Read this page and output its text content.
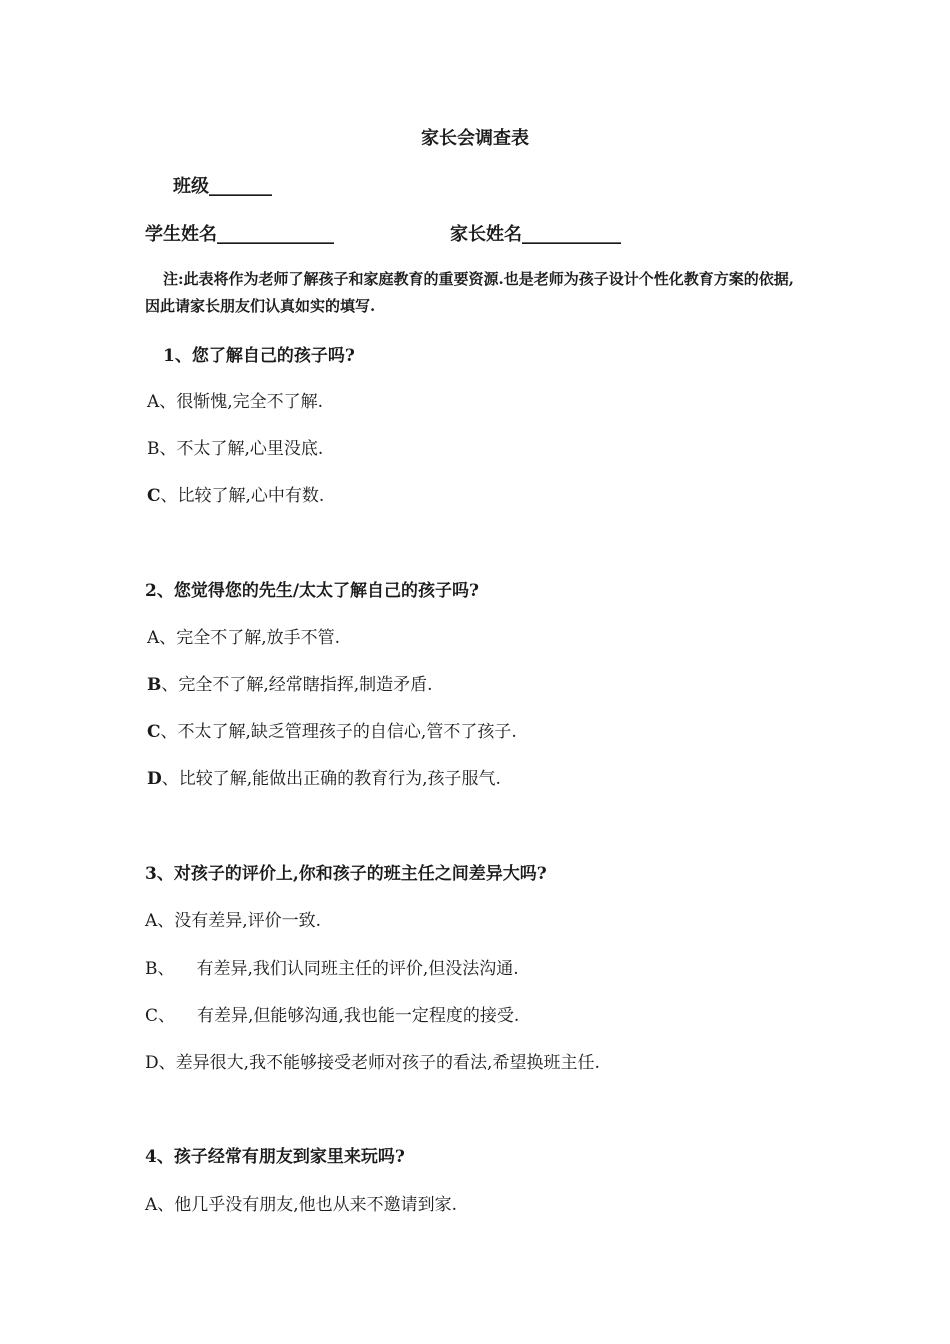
家长会调查表
班级_______
学生姓名_____________	家长姓名___________
注:此表将作为老师了解孩子和家庭教育的重要资源.也是老师为孩子设计个性化教育方案的依据,因此请家长朋友们认真如实的填写.
1、您了解自己的孩子吗?
A、很惭愧,完全不了解.
B、不太了解,心里没底.
C、比较了解,心中有数.
2、您觉得您的先生/太太了解自己的孩子吗?
A、完全不了解,放手不管.
B、完全不了解,经常瞎指挥,制造矛盾.
C、不太了解,缺乏管理孩子的自信心,管不了孩子.
D、比较了解,能做出正确的教育行为,孩子服气.
3、对孩子的评价上,你和孩子的班主任之间差异大吗?
A、没有差异,评价一致.
B、 有差异,我们认同班主任的评价,但没法沟通.
C、 有差异,但能够沟通,我也能一定程度的接受.
D、差异很大,我不能够接受老师对孩子的看法,希望换班主任.
4、孩子经常有朋友到家里来玩吗?
A、他几乎没有朋友,他也从来不邀请到家.
